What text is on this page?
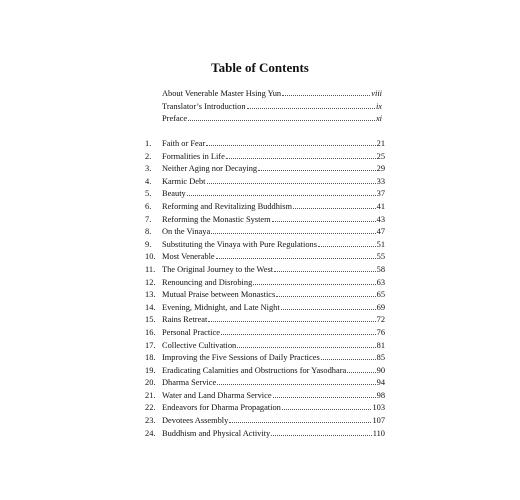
Table of Contents
About Venerable Master Hsing Yun	viii
Translator’s Introduction	ix
Preface	xi
1.	Faith or Fear	21
2.	Formalities in Life	25
3.	Neither Aging nor Decaying	29
4.	Karmic Debt	33
5.	Beauty	37
6.	Reforming and Revitalizing Buddhism	41
7.	Reforming the Monastic System	43
8.	On the Vinaya	47
9.	Substituting the Vinaya with Pure Regulations	51
10. Most Venerable	55
11. The Original Journey to the West	58
12. Renouncing and Disrobing	63
13. Mutual Praise between Monastics	65
14. Evening, Midnight, and Late Night	69
15. Rains Retreat	72
16. Personal Practice	76
17. Collective Cultivation	81
18. Improving the Five Sessions of Daily Practices	85
19. Eradicating Calamities and Obstructions for Yasodhara	90
20. Dharma Service	94
21. Water and Land Dharma Service	98
22. Endeavors for Dharma Propagation	103
23. Devotees Assembly	107
24. Buddhism and Physical Activity	110
